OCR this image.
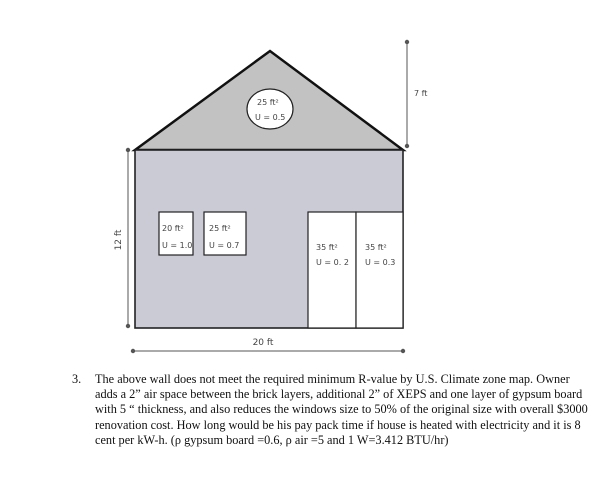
25 ft²
U = 0.5
20 ft²
U = 1.0
25 ft²
U = 0.7	35 ft²
U = 0. 2
35 ft²
U = 0.3
12 ft
20 ft
7 ft

3. The above wall does not meet the required minimum R-value by U.S. Climate zone map. Owner adds a 2” air space between the brick layers, additional 2” of XEPS and one layer of gypsum board with 5 “ thickness, and also reduces the windows size to 50% of the original size with overall $3000 renovation cost. How long would be his pay pack time if house is heated with electricity and it is 8 cent per kW-h. (ρ gypsum board =0.6, ρ air =5 and 1 W=3.412 BTU/hr)
